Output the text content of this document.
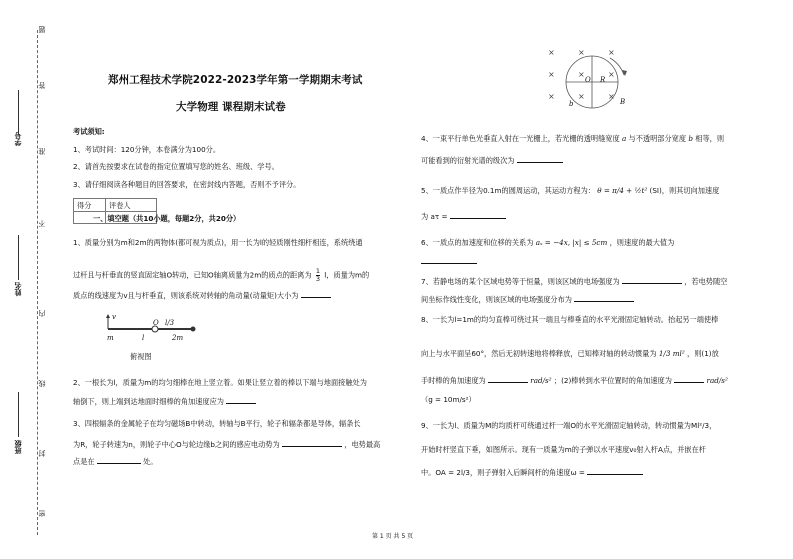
题
学号
答
准
不
姓名
内
线
班级 封
密
郑州工程技术学院2022-2023学年第一学期期末考试
大学物理 课程期末试卷
考试须知:
1、考试时间：120分钟，本卷满分为100分。
2、请首先按要求在试卷的指定位置填写您的姓名、班级、学号。
3、请仔细阅读各种题目的回答要求，在密封线内答题，否则不予评分。
得分 评卷人
一、填空题（共10小题，每题2分，共20分）
1、质量分别为m和2m的两物体(都可视为质点)，用一长为l的轻质刚性细杆相连，系统绕通
过杆且与杆垂直的竖直固定轴O转动，已知O轴离质量为2m的质点的距离为 $\frac{1}{3}$ l，质量为m的
质点的线速度为v且与杆垂直，则该系统对转轴的角动量(动量矩)大小为
v
O l/3
m	l	2m
俯视图
2、一根长为l，质量为m的均匀细棒在地上竖立着。如果让竖立着的棒以下端与地面接触处为
轴倒下，则上端到达地面时细棒的角加速度应为
3、四根辐条的金属轮子在均匀磁场B中转动，转轴与B平行，轮子和辐条都是导体，辐条长
为R，轮子转速为n，则轮子中心O与轮边缘b之间的感应电动势为	，电势最高
点是在	处。
×	×	×
×	×	×
×	×	×
O R
b	B
4、一束平行单色光垂直入射在一光栅上，若光栅的透明缝宽度 a 与不透明部分宽度 b 相等，则
可能看到的衍射光谱的级次为
5、一质点作半径为0.1m的圆周运动，其运动方程为： θ = π/4 + ½t² (SI)，则其切向加速度
为 aτ =
6、一质点的加速度和位移的关系为 aₓ = −4x, |x| ≤ 5cm ，则速度的最大值为
7、若静电场的某个区域电势等于恒量，则该区域的电场强度为	，若电势随空
间坐标作线性变化，则该区域的电场强度分布为
8、一长为l=1m的均匀直棒可绕过其一端且与棒垂直的水平光滑固定轴转动。抬起另一端使棒
向上与水平面呈60°，然后无初转速地将棒释放，已知棒对轴的转动惯量为 1/3 ml² ，则(1)放
手时棒的角加速度为	rad/s² ；(2)棒转到水平位置时的角加速度为	rad/s²
（g = 10m/s²）
9、一长为l、质量为M的均质杆可绕通过杆一端O的水平光滑固定轴转动，转动惯量为Ml²/3，
开始时杆竖直下垂，如图所示。现有一质量为m的子弹以水平速度v₀射入杆A点，并嵌在杆
中。OA = 2l/3，则子弹射入后瞬间杆的角速度ω =
第 1 页 共 5 页
